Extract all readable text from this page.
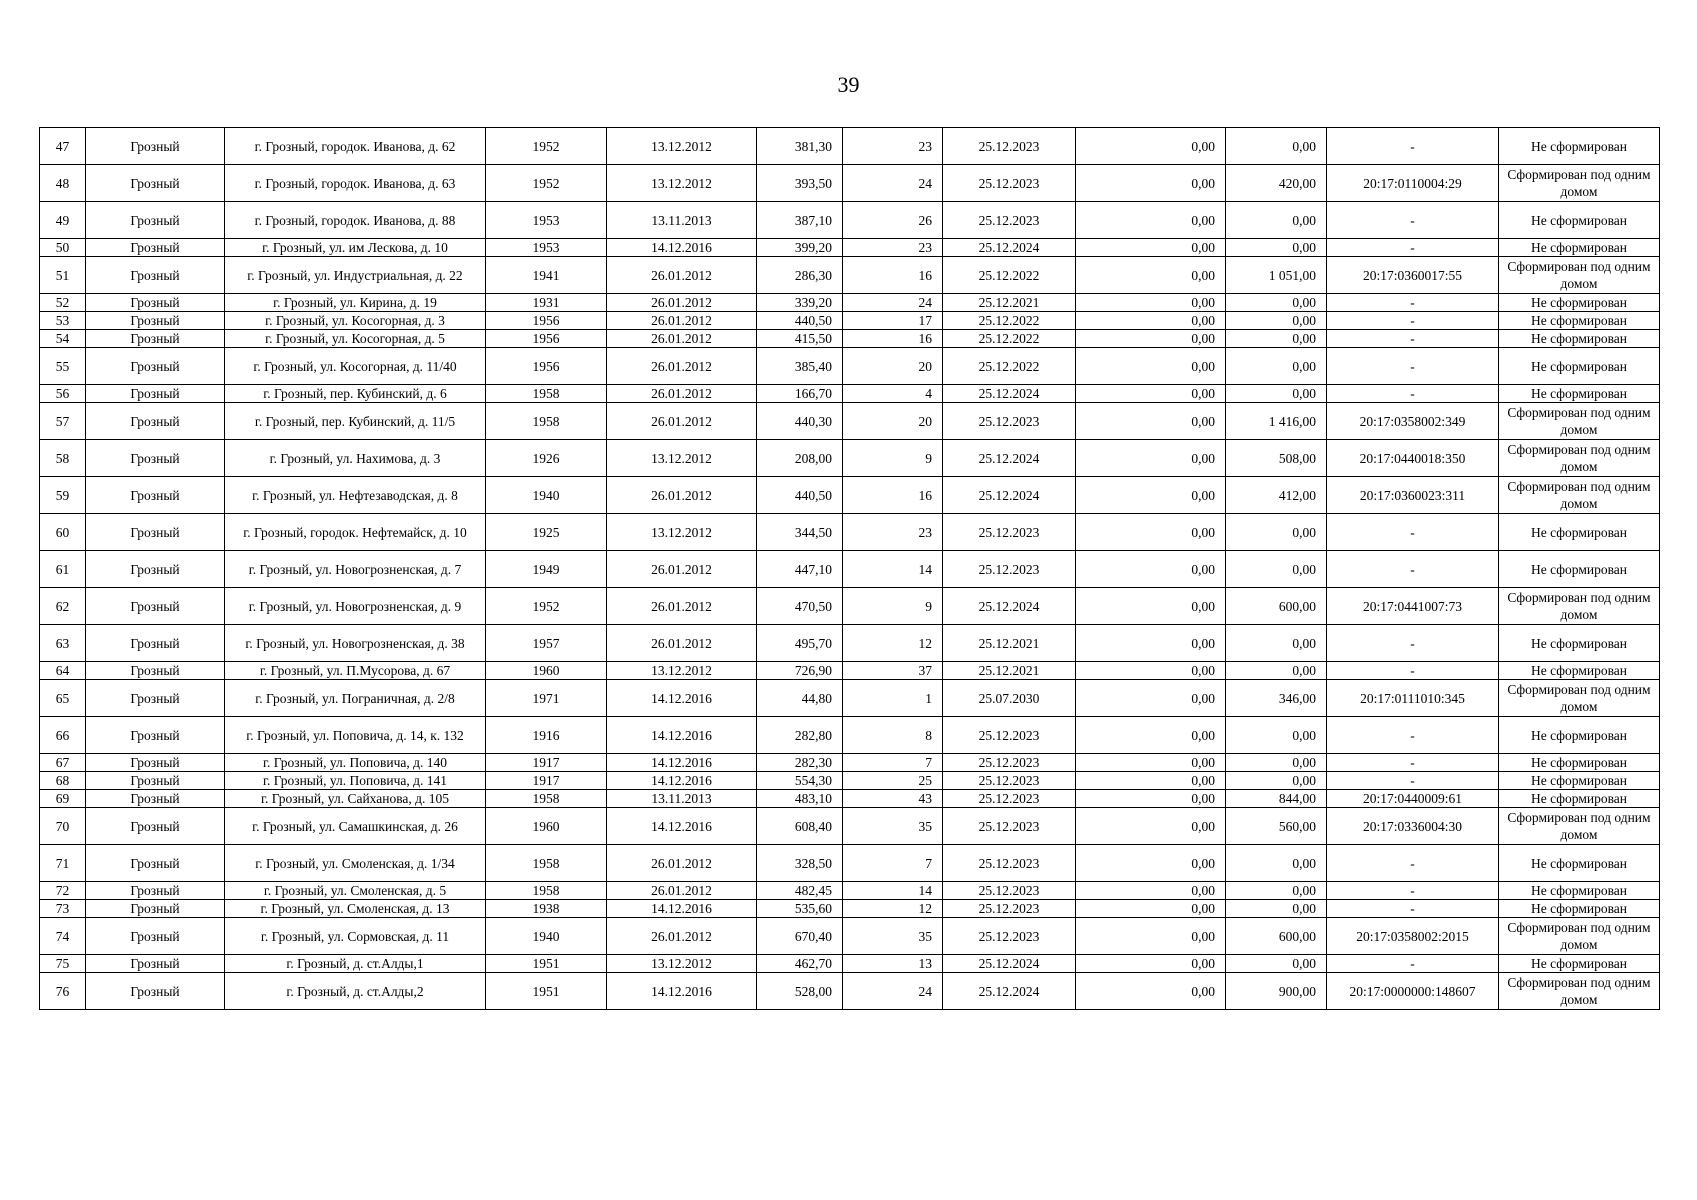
39
47	Грозный	г. Грозный, городок. Иванова, д. 62	1952	13.12.2012	381,30	23	25.12.2023	0,00	0,00	-	Не сформирован
48	Грозный	г. Грозный, городок. Иванова, д. 63	1952	13.12.2012	393,50	24	25.12.2023	0,00	420,00	20:17:0110004:29	Сформирован под одним домом
49	Грозный	г. Грозный, городок. Иванова, д. 88	1953	13.11.2013	387,10	26	25.12.2023	0,00	0,00	-	Не сформирован
50	Грозный	г. Грозный, ул. им Лескова, д. 10	1953	14.12.2016	399,20	23	25.12.2024	0,00	0,00	-	Не сформирован
51	Грозный	г. Грозный, ул. Индустриальная, д. 22	1941	26.01.2012	286,30	16	25.12.2022	0,00	1 051,00	20:17:0360017:55	Сформирован под одним домом
52	Грозный	г. Грозный, ул. Кирина, д. 19	1931	26.01.2012	339,20	24	25.12.2021	0,00	0,00	-	Не сформирован
53	Грозный	г. Грозный, ул. Косогорная, д. 3	1956	26.01.2012	440,50	17	25.12.2022	0,00	0,00	-	Не сформирован
54	Грозный	г. Грозный, ул. Косогорная, д. 5	1956	26.01.2012	415,50	16	25.12.2022	0,00	0,00	-	Не сформирован
55	Грозный	г. Грозный, ул. Косогорная, д. 11/40	1956	26.01.2012	385,40	20	25.12.2022	0,00	0,00	-	Не сформирован
56	Грозный	г. Грозный, пер. Кубинский, д. 6	1958	26.01.2012	166,70	4	25.12.2024	0,00	0,00	-	Не сформирован
57	Грозный	г. Грозный, пер. Кубинский, д. 11/5	1958	26.01.2012	440,30	20	25.12.2023	0,00	1 416,00	20:17:0358002:349	Сформирован под одним домом
58	Грозный	г. Грозный, ул. Нахимова, д. 3	1926	13.12.2012	208,00	9	25.12.2024	0,00	508,00	20:17:0440018:350	Сформирован под одним домом
59	Грозный	г. Грозный, ул. Нефтезаводская, д. 8	1940	26.01.2012	440,50	16	25.12.2024	0,00	412,00	20:17:0360023:311	Сформирован под одним домом
60	Грозный	г. Грозный, городок. Нефтемайск, д. 10	1925	13.12.2012	344,50	23	25.12.2023	0,00	0,00	-	Не сформирован
61	Грозный	г. Грозный, ул. Новогрозненская, д. 7	1949	26.01.2012	447,10	14	25.12.2023	0,00	0,00	-	Не сформирован
62	Грозный	г. Грозный, ул. Новогрозненская, д. 9	1952	26.01.2012	470,50	9	25.12.2024	0,00	600,00	20:17:0441007:73	Сформирован под одним домом
63	Грозный	г. Грозный, ул. Новогрозненская, д. 38	1957	26.01.2012	495,70	12	25.12.2021	0,00	0,00	-	Не сформирован
64	Грозный	г. Грозный, ул. П.Мусорова, д. 67	1960	13.12.2012	726,90	37	25.12.2021	0,00	0,00	-	Не сформирован
65	Грозный	г. Грозный, ул. Пограничная, д. 2/8	1971	14.12.2016	44,80	1	25.07.2030	0,00	346,00	20:17:0111010:345	Сформирован под одним домом
66	Грозный	г. Грозный, ул. Поповича, д. 14, к. 132	1916	14.12.2016	282,80	8	25.12.2023	0,00	0,00	-	Не сформирован
67	Грозный	г. Грозный, ул. Поповича, д. 140	1917	14.12.2016	282,30	7	25.12.2023	0,00	0,00	-	Не сформирован
68	Грозный	г. Грозный, ул. Поповича, д. 141	1917	14.12.2016	554,30	25	25.12.2023	0,00	0,00	-	Не сформирован
69	Грозный	г. Грозный, ул. Сайханова, д. 105	1958	13.11.2013	483,10	43	25.12.2023	0,00	844,00	20:17:0440009:61	Не сформирован
70	Грозный	г. Грозный, ул. Самашкинская, д. 26	1960	14.12.2016	608,40	35	25.12.2023	0,00	560,00	20:17:0336004:30	Сформирован под одним домом
71	Грозный	г. Грозный, ул. Смоленская, д. 1/34	1958	26.01.2012	328,50	7	25.12.2023	0,00	0,00	-	Не сформирован
72	Грозный	г. Грозный, ул. Смоленская, д. 5	1958	26.01.2012	482,45	14	25.12.2023	0,00	0,00	-	Не сформирован
73	Грозный	г. Грозный, ул. Смоленская, д. 13	1938	14.12.2016	535,60	12	25.12.2023	0,00	0,00	-	Не сформирован
74	Грозный	г. Грозный, ул. Сормовская, д. 11	1940	26.01.2012	670,40	35	25.12.2023	0,00	600,00	20:17:0358002:2015	Сформирован под одним домом
75	Грозный	г. Грозный, д. ст.Алды,1	1951	13.12.2012	462,70	13	25.12.2024	0,00	0,00	-	Не сформирован
76	Грозный	г. Грозный, д. ст.Алды,2	1951	14.12.2016	528,00	24	25.12.2024	0,00	900,00	20:17:0000000:148607	Сформирован под одним домом
